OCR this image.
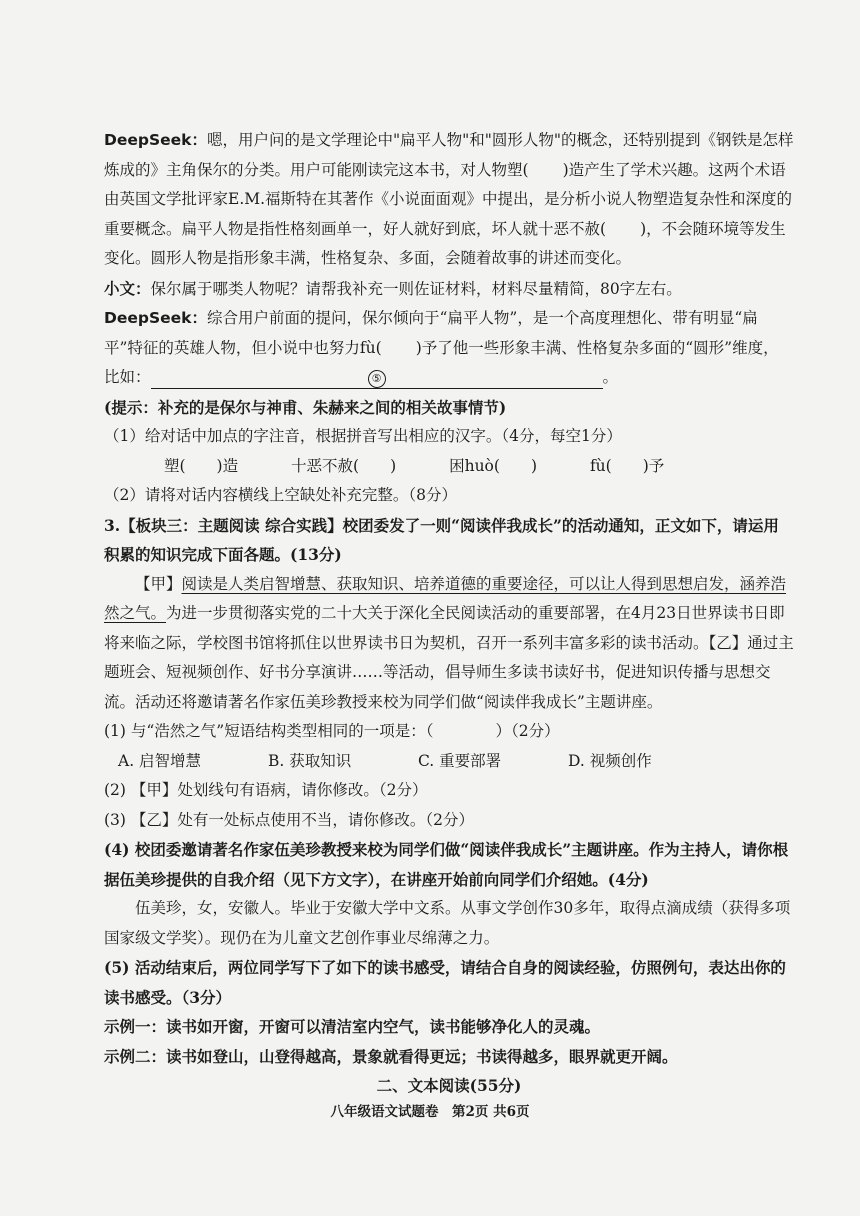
DeepSeek：嗯，用户问的是文学理论中"扁平人物"和"圆形人物"的概念，还特别提到《钢铁是怎样炼成的》主角保尔的分类。用户可能刚读完这本书，对人物塑( )造产生了学术兴趣。这两个术语由英国文学批评家E.M.福斯特在其著作《小说面面观》中提出，是分析小说人物塑造复杂性和深度的重要概念。扁平人物是指性格刻画单一，好人就好到底，坏人就十恶不赦( )，不会随环境等发生变化。圆形人物是指形象丰满，性格复杂、多面，会随着故事的讲述而变化。

小文：保尔属于哪类人物呢？请帮我补充一则佐证材料，材料尽量精简，80字左右。

DeepSeek：综合用户前面的提问，保尔倾向于“扁平人物”，是一个高度理想化、带有明显“扁平”特征的英雄人物，但小说中也努力fù( )予了他一些形象丰满、性格复杂多面的“圆形”维度，比如：	⑤	。

(提示：补充的是保尔与神甫、朱赫来之间的相关故事情节)

（1）给对话中加点的字注音，根据拼音写出相应的汉字。（4分，每空1分）

塑(　　)造	十恶不赦(　　)	困huò(　　)	fù(　　)予

（2）请将对话内容横线上空缺处补充完整。（8分）

3.【板块三：主题阅读 综合实践】校团委发了一则“阅读伴我成长”的活动通知，正文如下，请运用积累的知识完成下面各题。(13分)

【甲】阅读是人类启智增慧、获取知识、培养道德的重要途径，可以让人得到思想启发，涵养浩然之气。为进一步贯彻落实党的二十大关于深化全民阅读活动的重要部署，在4月23日世界读书日即将来临之际，学校图书馆将抓住以世界读书日为契机，召开一系列丰富多彩的读书活动。【乙】通过主题班会、短视频创作、好书分享演讲……等活动，倡导师生多读书读好书，促进知识传播与思想交流。活动还将邀请著名作家伍美珍教授来校为同学们做“阅读伴我成长”主题讲座。

(1) 与“浩然之气”短语结构类型相同的一项是：（　　　　）（2分）

A. 启智增慧	B. 获取知识	C. 重要部署	D. 视频创作

(2) 【甲】处划线句有语病，请你修改。（2分）

(3) 【乙】处有一处标点使用不当，请你修改。（2分）

(4) 校团委邀请著名作家伍美珍教授来校为同学们做“阅读伴我成长”主题讲座。作为主持人，请你根据伍美珍提供的自我介绍（见下方文字），在讲座开始前向同学们介绍她。(4分)

伍美珍，女，安徽人。毕业于安徽大学中文系。从事文学创作30多年，取得点滴成绩（获得多项国家级文学奖）。现仍在为儿童文艺创作事业尽绵薄之力。

(5) 活动结束后，两位同学写下了如下的读书感受，请结合自身的阅读经验，仿照例句，表达出你的读书感受。（3分）

示例一：读书如开窗，开窗可以清洁室内空气，读书能够净化人的灵魂。

示例二：读书如登山，山登得越高，景象就看得更远；书读得越多，眼界就更开阔。

二、文本阅读(55分)

八年级语文试题卷　第2页 共6页
